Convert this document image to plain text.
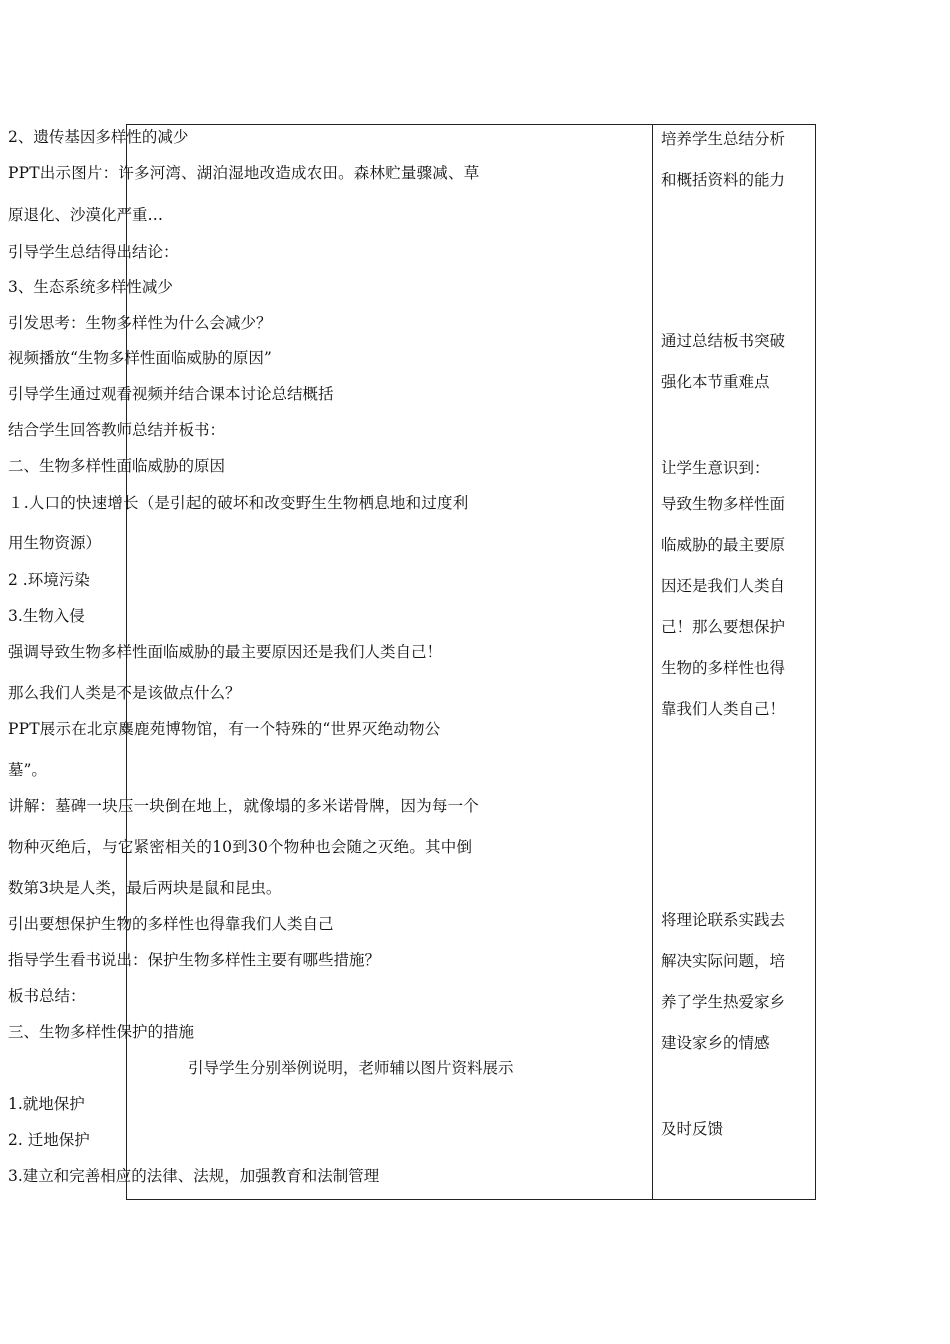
2、遗传基因多样性的减少
PPT出示图片：许多河湾、湖泊湿地改造成农田。森林贮量骤减、草
原退化、沙漠化严重…
引导学生总结得出结论：
3、生态系统多样性减少
引发思考：生物多样性为什么会减少？
视频播放“生物多样性面临威胁的原因”
引导学生通过观看视频并结合课本讨论总结概括
结合学生回答教师总结并板书：
二、生物多样性面临威胁的原因
１.人口的快速增长（是引起的破坏和改变野生生物栖息地和过度利
用生物资源）
2 .环境污染
3.生物入侵
强调导致生物多样性面临威胁的最主要原因还是我们人类自己！
那么我们人类是不是该做点什么？
PPT展示在北京麋鹿苑博物馆，有一个特殊的“世界灭绝动物公
墓”。
讲解：墓碑一块压一块倒在地上，就像塌的多米诺骨牌，因为每一个
物种灭绝后，与它紧密相关的10到30个物种也会随之灭绝。其中倒
数第3块是人类，最后两块是鼠和昆虫。
引出要想保护生物的多样性也得靠我们人类自己
指导学生看书说出：保护生物多样性主要有哪些措施？
板书总结：
三、生物多样性保护的措施
引导学生分别举例说明，老师辅以图片资料展示
1.就地保护
2. 迁地保护
3.建立和完善相应的法律、法规，加强教育和法制管理
培养学生总结分析
和概括资料的能力
通过总结板书突破
强化本节重难点
让学生意识到：
导致生物多样性面
临威胁的最主要原
因还是我们人类自
己！那么要想保护
生物的多样性也得
靠我们人类自己！
将理论联系实践去
解决实际问题，培
养了学生热爱家乡
建设家乡的情感
及时反馈
